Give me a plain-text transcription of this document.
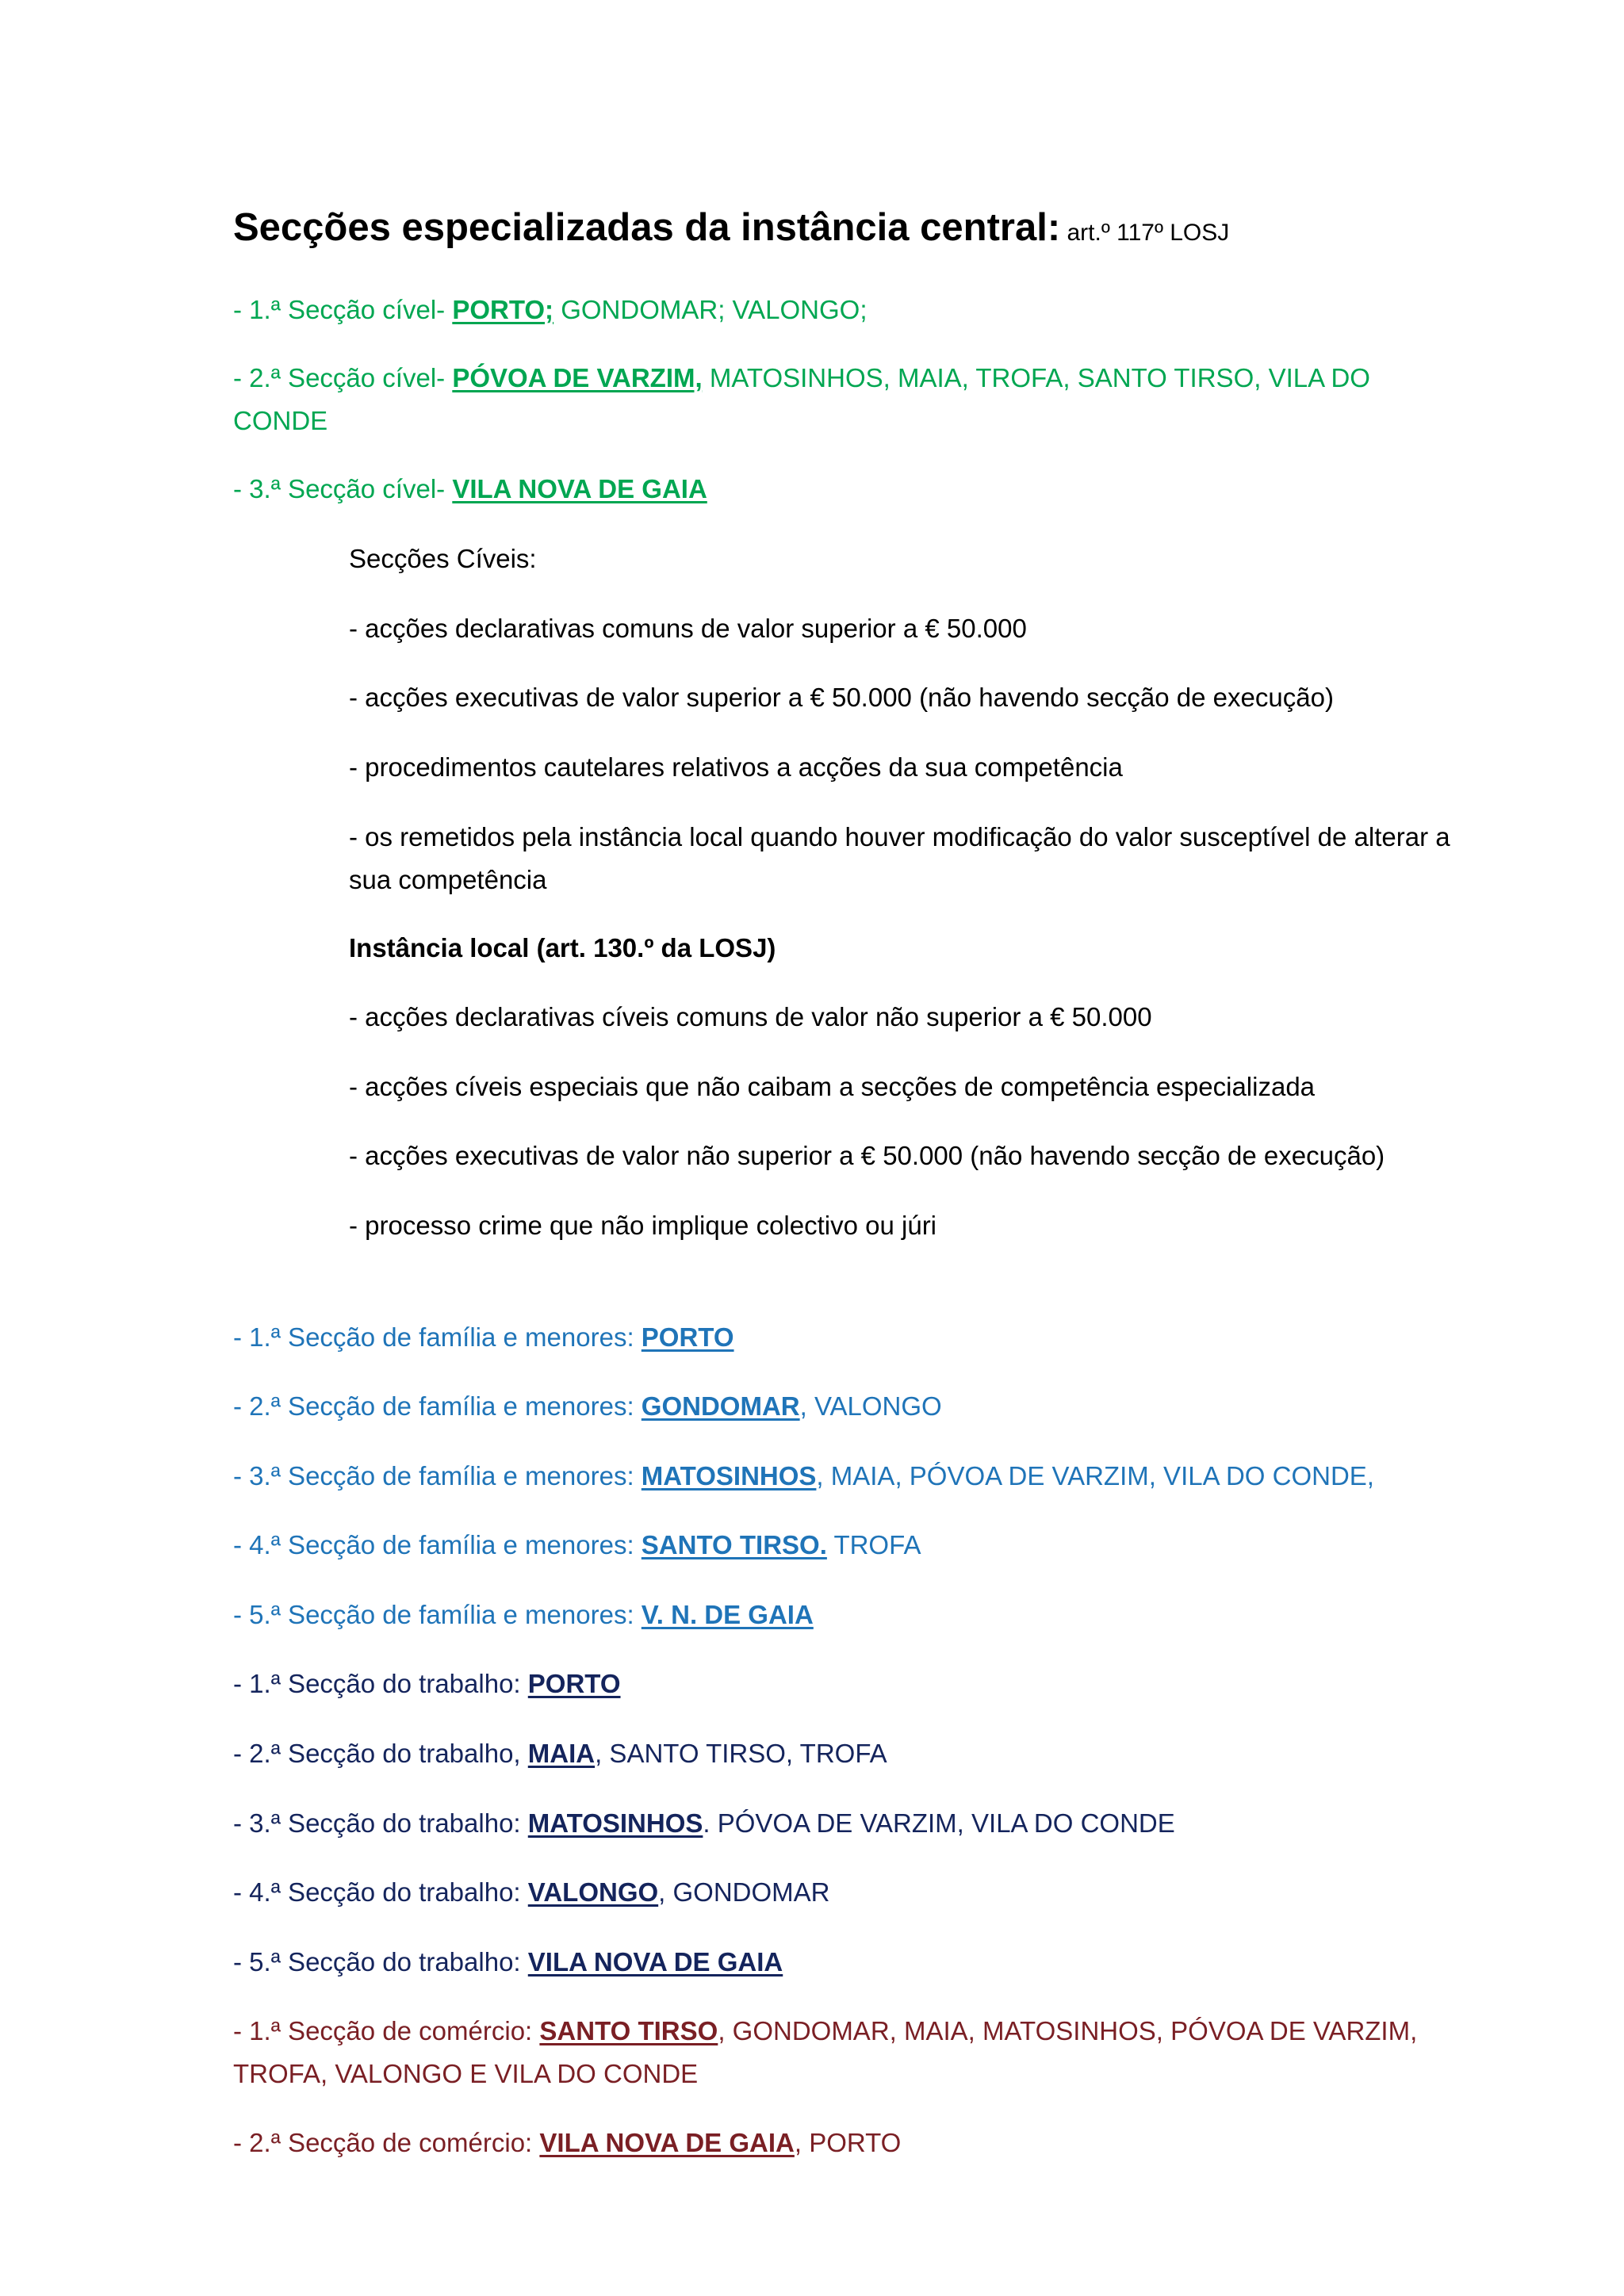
Secções especializadas da instância central: art.º 117º LOSJ
- 1.ª Secção cível- PORTO; GONDOMAR; VALONGO;
- 2.ª Secção cível- PÓVOA DE VARZIM, MATOSINHOS, MAIA, TROFA, SANTO TIRSO, VILA DO CONDE
- 3.ª Secção cível- VILA NOVA DE GAIA
Secções Cíveis:
- acções declarativas comuns de valor superior a € 50.000
- acções executivas de valor superior a € 50.000 (não havendo secção de execução)
- procedimentos cautelares relativos a acções da sua competência
- os remetidos pela instância local quando houver modificação do valor susceptível de alterar a sua competência
Instância local (art. 130.º da LOSJ)
- acções declarativas cíveis comuns de valor não superior a € 50.000
- acções cíveis especiais que não caibam a secções de competência especializada
- acções executivas de valor não superior a € 50.000 (não havendo secção de execução)
- processo crime que não implique colectivo ou júri
- 1.ª Secção de família e menores: PORTO
- 2.ª Secção de família e menores: GONDOMAR, VALONGO
- 3.ª Secção de família e menores: MATOSINHOS, MAIA, PÓVOA DE VARZIM, VILA DO CONDE,
- 4.ª Secção de família e menores: SANTO TIRSO. TROFA
- 5.ª Secção de família e menores: V. N. DE GAIA
- 1.ª Secção do trabalho: PORTO
- 2.ª Secção do trabalho, MAIA, SANTO TIRSO, TROFA
- 3.ª Secção do trabalho: MATOSINHOS. PÓVOA DE VARZIM, VILA DO CONDE
- 4.ª Secção do trabalho: VALONGO, GONDOMAR
- 5.ª Secção do trabalho: VILA NOVA DE GAIA
- 1.ª Secção de comércio: SANTO TIRSO, GONDOMAR, MAIA, MATOSINHOS, PÓVOA DE VARZIM, TROFA, VALONGO E VILA DO CONDE
- 2.ª Secção de comércio: VILA NOVA DE GAIA, PORTO
